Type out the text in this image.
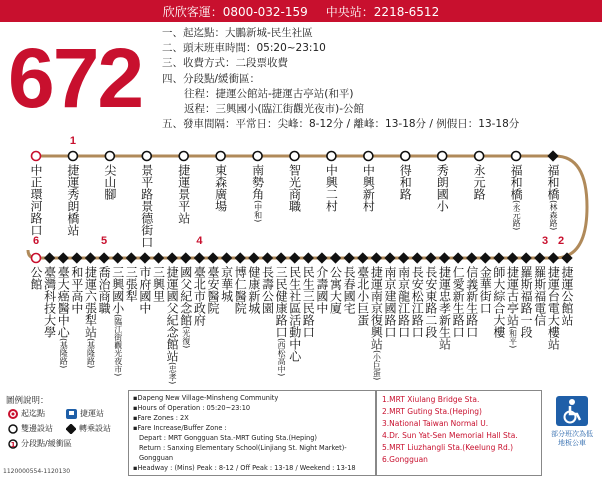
欣欣客運：0800-032-159 中央站：2218-6512
672 一、起迄點：大鵬新城-民生社區
二、頭末班車時間：05:20~23:10
三、收費方式：二段票收費
四、分段點/緩衝區：
往程：捷運公館站-捷運古亭站(和平)
返程：三興國小(臨江街觀光夜市)-公館
五、發車間隔：平常日：尖峰：8-12分 / 離峰：13-18分 / 例假日：13-18分
1
2
3
4
5
6
中正環河路口 捷運秀朗橋站 尖山腳 景平路景德街口 捷運景平站 東森廣場 南勢角(中和) 智光商職 中興二村 中興新村 得和路 秀朗國小 永元路 福和橋(永元路)
福和橋(林森路)
公館 臺灣科技大學 臺大癌醫中心(基隆路)
和平高中 捷運六張犁站(基隆路)
喬治商職 三興國小(臨江街觀光夜市)
三張犁 市府國中 三興里 捷運國父紀念館站(忠孝)
國父紀念館(光復)
臺北市政府 臺安醫院 京華城 博仁醫院 健康新城 長壽公園 三民健康路口(西松高中) 民生社區活動中心 民生三民路口 介壽國中 公寓大廈 長春國宅 臺北小巨蛋 捷運南京復興站(小巨蛋)
南京建國路口 南京龍江路口 長安松江路口 長安東路二段 捷運忠孝新生站 仁愛新生路口 信義新生路口 金華街口 師大綜合大樓 捷運古亭站(和平) 羅斯福路一段 羅斯福電信 捷運台電大樓站 捷運公館站
圖例說明：
起迄點	捷運站
雙邊設站	轉乘設站
1 分段點/緩衝區
▪Dapeng New Village-Minsheng Community
▪Hours of Operation : 05:20~23:10
▪Fare Zones : 2X
▪Fare Increase/Buffer Zone :
Depart : MRT Gongguan Sta.-MRT Guting Sta.(Heping)
Return : Sanxing Elementary School(Linjiang St. Night Market)-Gongguan
▪Headway : (Mins) Peak : 8-12 / Off Peak : 13-18 / Weekend : 13-18
1.MRT Xiulang Bridge Sta.
2.MRT Guting Sta.(Heping)
3.National Taiwan Normal U.
4.Dr. Sun Yat-Sen Memorial Hall Sta.
5.MRT Liuzhangli Sta.(Keelung Rd.)
6.Gongguan
部分班次為低地板公車
1120000554-1120130
